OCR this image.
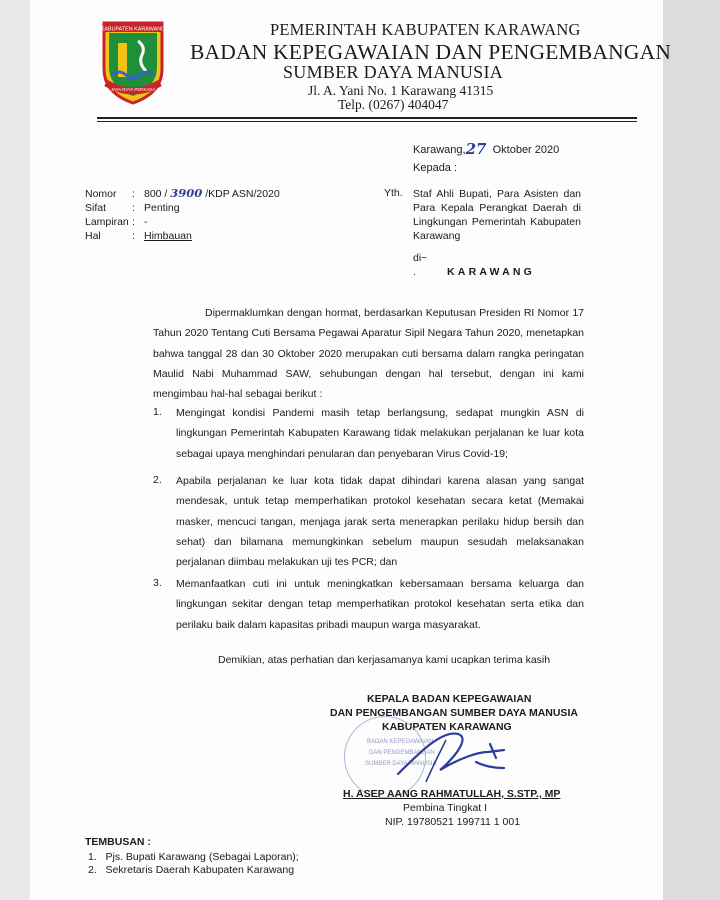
KABUPATEN KARAWANG
JAYA RAYA PERKASA
PEMERINTAH KABUPATEN KARAWANG
BADAN KEPEGAWAIAN DAN PENGEMBANGAN
SUMBER DAYA MANUSIA
Jl. A. Yani No. 1 Karawang 41315
Telp. (0267) 404047
Karawang,27 Oktober 2020
Kepada :
Nomor : 800 / 3900 /KDP ASN/2020
Sifat : Penting
Lampiran : -
Hal	: Himbauan
Yth. Staf Ahli Bupati, Para Asisten dan
Para Kepala Perangkat Daerah di
Lingkungan Pemerintah Kabupaten
Karawang
di~
.	KARAWANG

Dipermaklumkan dengan hormat, berdasarkan Keputusan Presiden RI Nomor 17 Tahun 2020 Tentang Cuti Bersama Pegawai Aparatur Sipil Negara Tahun 2020, menetapkan bahwa tanggal 28 dan 30 Oktober 2020 merupakan cuti bersama dalam rangka peringatan Maulid Nabi Muhammad SAW, sehubungan dengan hal tersebut, dengan ini kami mengimbau hal-hal sebagai berikut :

1. Mengingat kondisi Pandemi masih tetap berlangsung, sedapat mungkin ASN di lingkungan Pemerintah Kabupaten Karawang tidak melakukan perjalanan ke luar kota sebagai upaya menghindari penularan dan penyebaran Virus Covid-19;
2. Apabila perjalanan ke luar kota tidak dapat dihindari karena alasan yang sangat mendesak, untuk tetap memperhatikan protokol kesehatan secara ketat (Memakai masker, mencuci tangan, menjaga jarak serta menerapkan perilaku hidup bersih dan sehat) dan bilamana memungkinkan sebelum maupun sesudah melaksanakan perjalanan diimbau melakukan uji tes PCR; dan
3. Memanfaatkan cuti ini untuk meningkatkan kebersamaan bersama keluarga dan lingkungan sekitar dengan tetap memperhatikan protokol kesehatan serta etika dan perilaku baik dalam kapasitas pribadi maupun warga masyarakat.
Demikian, atas perhatian dan kerjasamanya kami ucapkan terima kasih
KEPALA BADAN KEPEGAWAIAN
DAN PENGEMBANGAN SUMBER DAYA MANUSIA
KABUPATEN KARAWANG
BADAN KEPEGAWAIAN
DAN PENGEMBANGAN
SUMBER DAYA MANUSIA
H. ASEP AANG RAHMATULLAH, S.STP., MP
Pembina Tingkat I
NIP. 19780521 199711 1 001
TEMBUSAN :
1.   Pjs. Bupati Karawang (Sebagai Laporan);
2.   Sekretaris Daerah Kabupaten Karawang
